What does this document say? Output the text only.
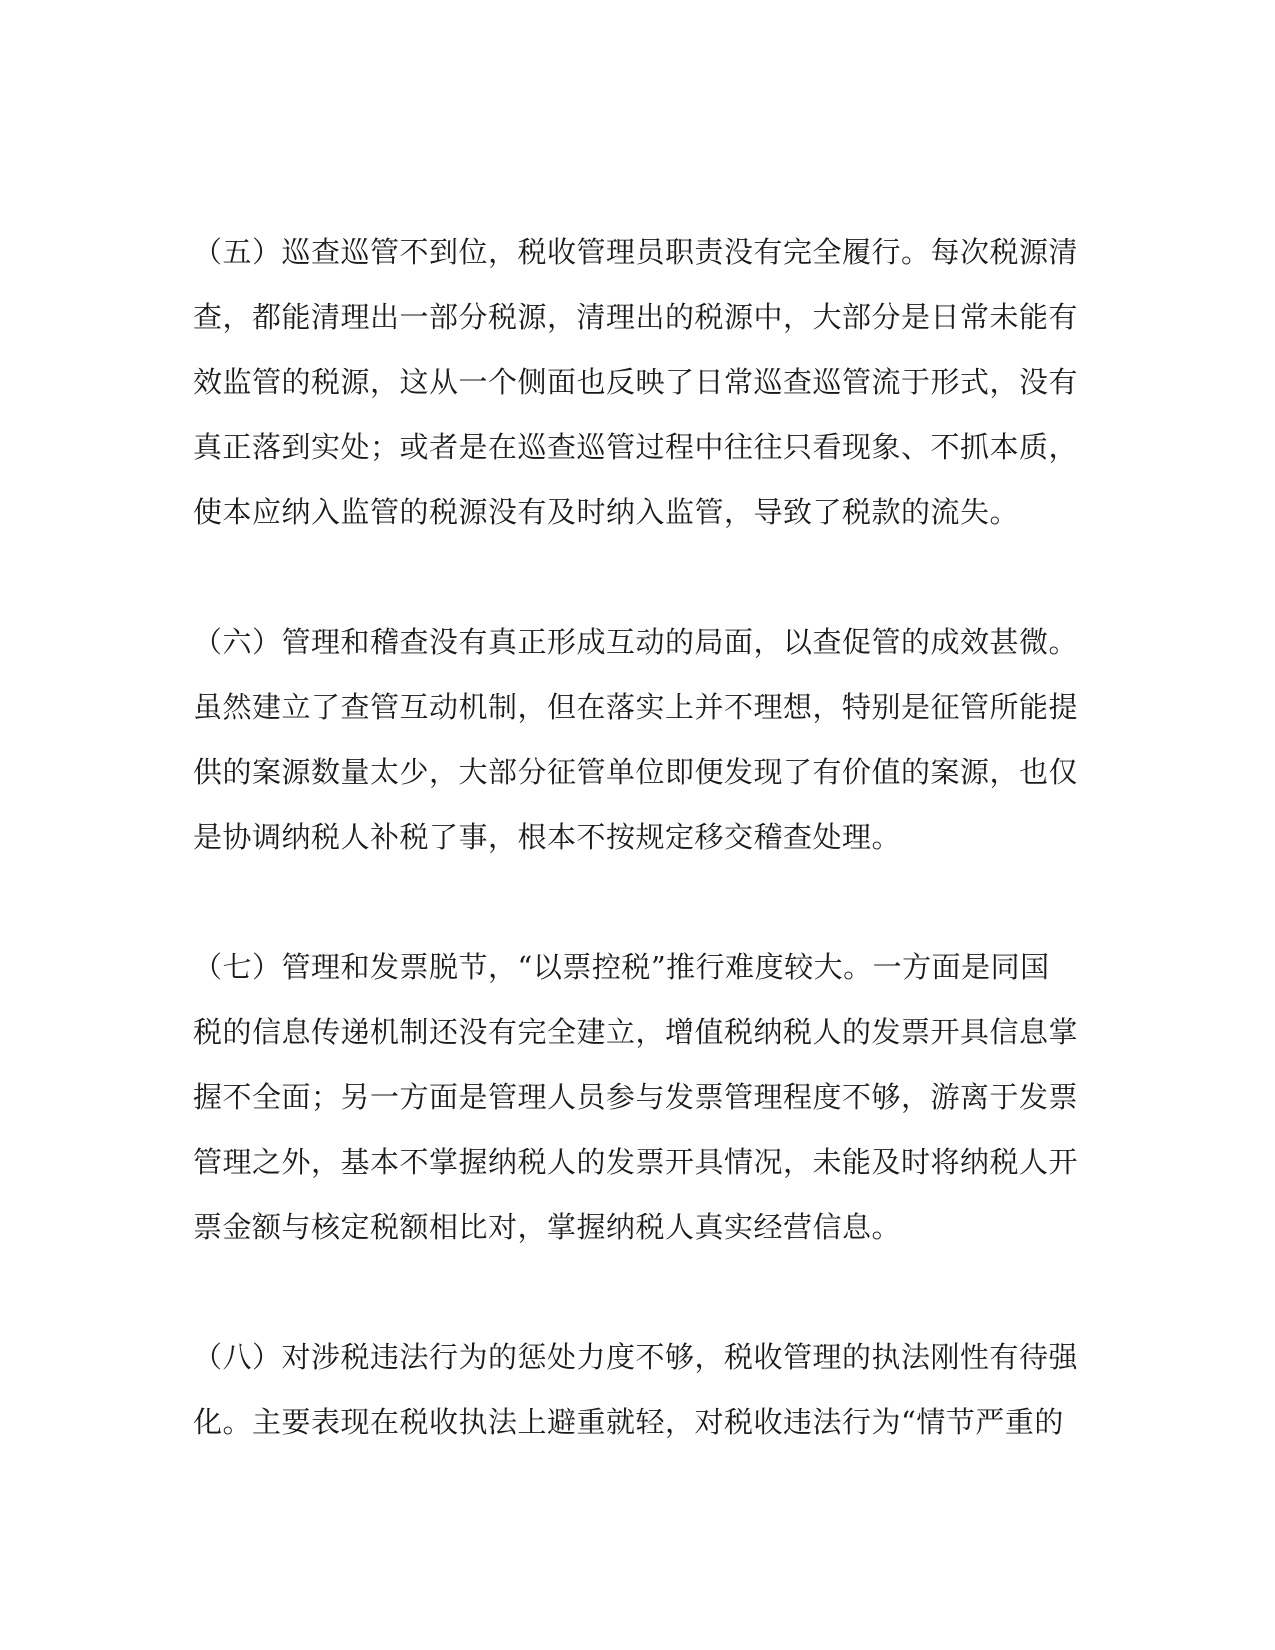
（五）巡查巡管不到位，税收管理员职责没有完全履行。每次税源清
查，都能清理出一部分税源，清理出的税源中，大部分是日常未能有
效监管的税源，这从一个侧面也反映了日常巡查巡管流于形式，没有
真正落到实处；或者是在巡查巡管过程中往往只看现象、不抓本质，
使本应纳入监管的税源没有及时纳入监管，导致了税款的流失。
（六）管理和稽查没有真正形成互动的局面，以查促管的成效甚微。
虽然建立了查管互动机制，但在落实上并不理想，特别是征管所能提
供的案源数量太少，大部分征管单位即便发现了有价值的案源，也仅
是协调纳税人补税了事，根本不按规定移交稽查处理。
（七）管理和发票脱节，“以票控税”推行难度较大。一方面是同国
税的信息传递机制还没有完全建立，增值税纳税人的发票开具信息掌
握不全面；另一方面是管理人员参与发票管理程度不够，游离于发票
管理之外，基本不掌握纳税人的发票开具情况，未能及时将纳税人开
票金额与核定税额相比对，掌握纳税人真实经营信息。
（八）对涉税违法行为的惩处力度不够，税收管理的执法刚性有待强
化。主要表现在税收执法上避重就轻，对税收违法行为“情节严重的
